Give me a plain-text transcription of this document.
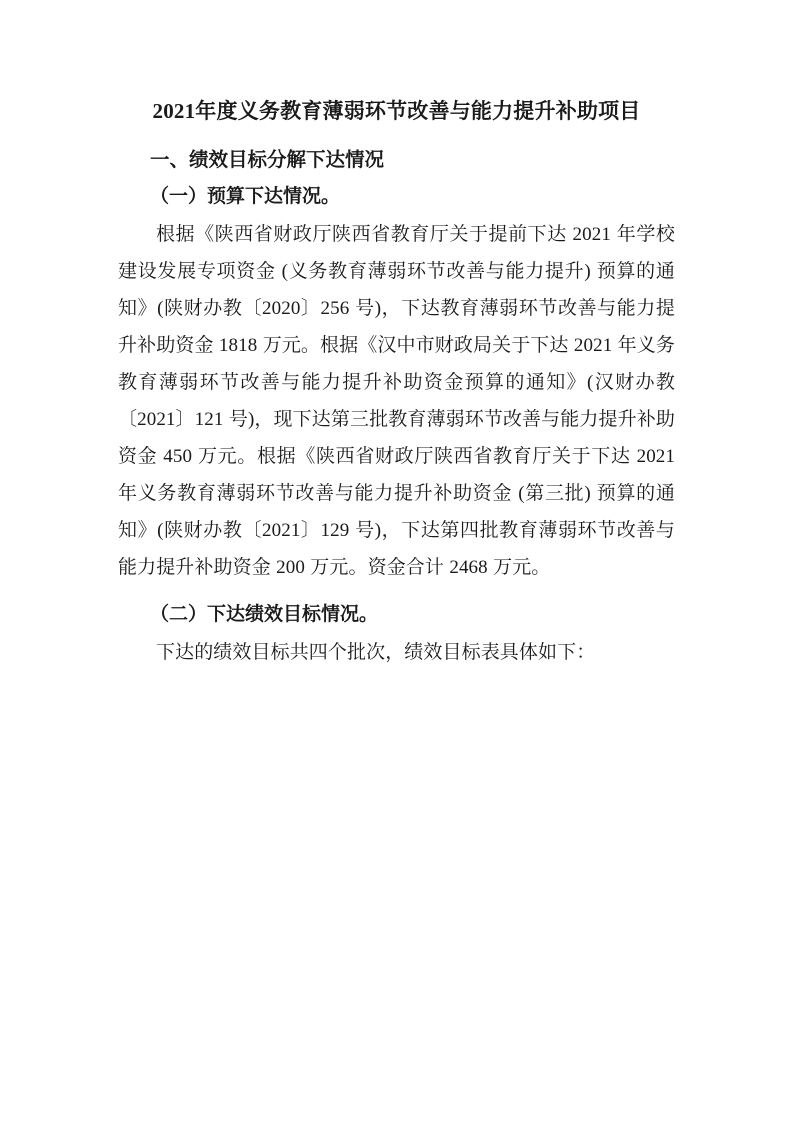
2021年度义务教育薄弱环节改善与能力提升补助项目
一、绩效目标分解下达情况
（一）预算下达情况。

根据《陕西省财政厅陕西省教育厅关于提前下达 2021 年学校建设发展专项资金 (义务教育薄弱环节改善与能力提升) 预算的通知》(陕财办教〔2020〕256 号)，下达教育薄弱环节改善与能力提升补助资金 1818 万元。根据《汉中市财政局关于下达 2021 年义务教育薄弱环节改善与能力提升补助资金预算的通知》(汉财办教〔2021〕121 号)，现下达第三批教育薄弱环节改善与能力提升补助资金 450 万元。根据《陕西省财政厅陕西省教育厅关于下达 2021 年义务教育薄弱环节改善与能力提升补助资金 (第三批) 预算的通知》(陕财办教〔2021〕129 号)，下达第四批教育薄弱环节改善与能力提升补助资金 200 万元。资金合计 2468 万元。

（二）下达绩效目标情况。

下达的绩效目标共四个批次，绩效目标表具体如下：
